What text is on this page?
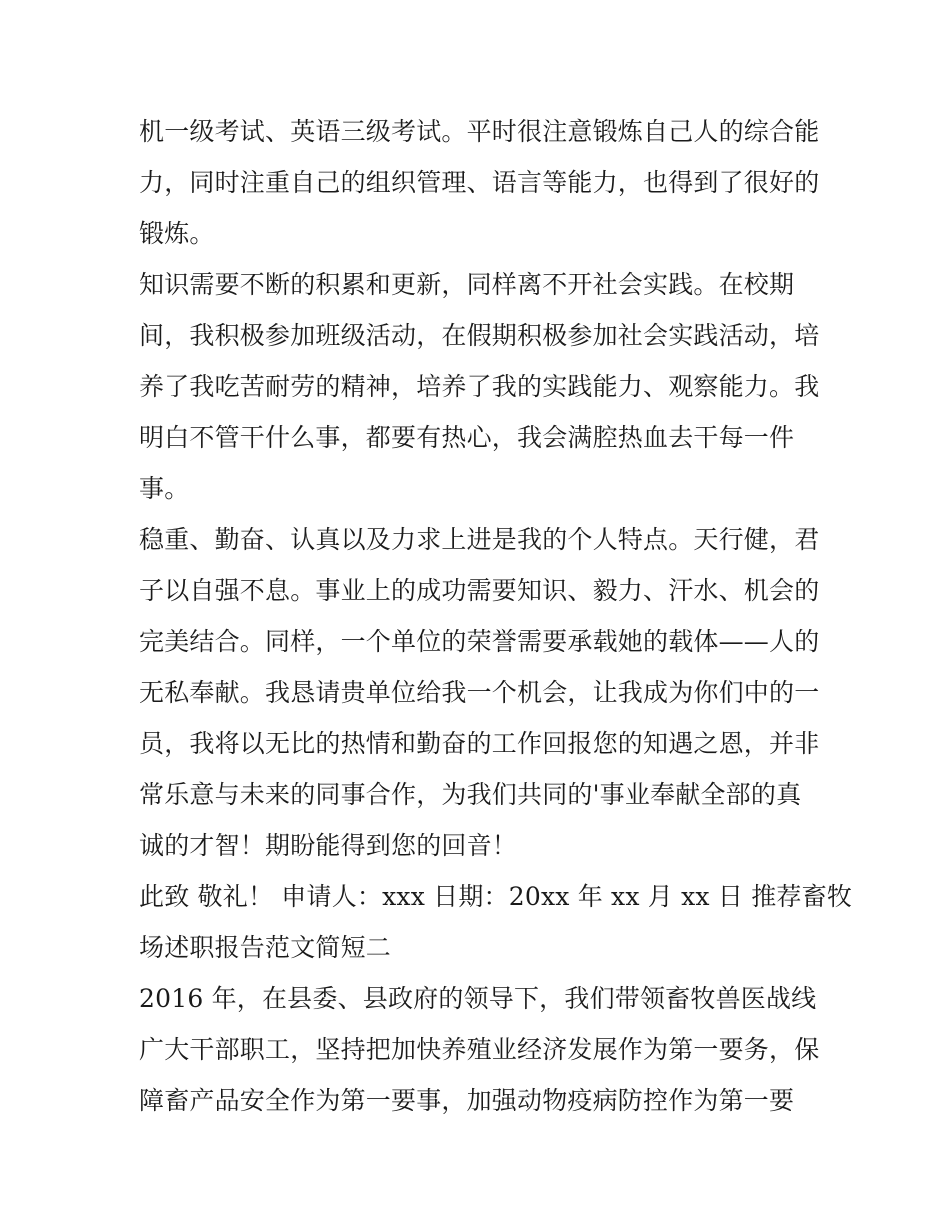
机一级考试、英语三级考试。平时很注意锻炼自己人的综合能
力，同时注重自己的组织管理、语言等能力，也得到了很好的
锻炼。
知识需要不断的积累和更新，同样离不开社会实践。在校期
间，我积极参加班级活动，在假期积极参加社会实践活动，培
养了我吃苦耐劳的精神，培养了我的实践能力、观察能力。我
明白不管干什么事，都要有热心，我会满腔热血去干每一件
事。
稳重、勤奋、认真以及力求上进是我的个人特点。天行健，君
子以自强不息。事业上的成功需要知识、毅力、汗水、机会的
完美结合。同样，一个单位的荣誉需要承载她的载体——人的
无私奉献。我恳请贵单位给我一个机会，让我成为你们中的一
员，我将以无比的热情和勤奋的工作回报您的知遇之恩，并非
常乐意与未来的同事合作，为我们共同的'事业奉献全部的真
诚的才智！期盼能得到您的回音！
此致 敬礼！ 申请人：xxx 日期：20xx 年 xx 月 xx 日 推荐畜牧
场述职报告范文简短二
2016 年，在县委、县政府的领导下，我们带领畜牧兽医战线
广大干部职工，坚持把加快养殖业经济发展作为第一要务，保
障畜产品安全作为第一要事，加强动物疫病防控作为第一要
